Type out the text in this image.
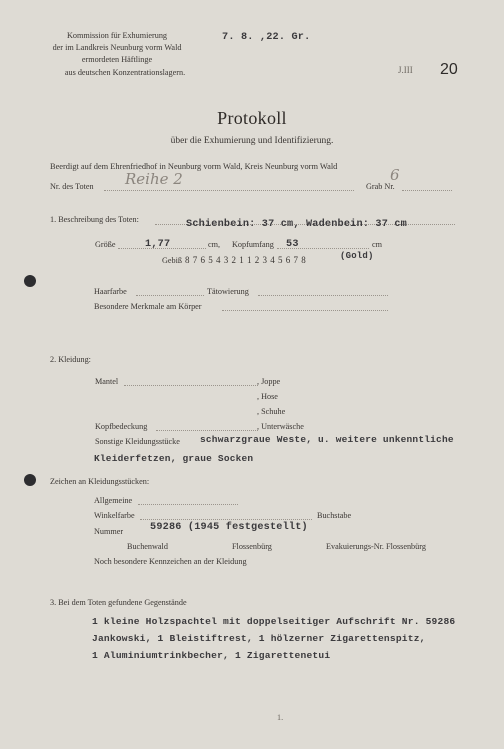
Kommission für Exhumierung
der im Landkreis Neunburg vorm Wald
ermordeten Häftlinge
aus deutschen Konzentrationslagern.
7. 8. ,22. Gr.
J.III 20
Protokoll
über die Exhumierung und Identifizierung.
Beerdigt auf dem Ehrenfriedhof in Neunburg vorm Wald, Kreis Neunburg vorm Wald
Nr. des Toten Reihe 2	Grab Nr.
6
1. Beschreibung des Toten:	Schienbein: 37 cm, Wadenbein: 37 cm
Größe	1,77	cm, Kopfumfang 53	cm
Gebiß 8 7 6 5 4 3 2 1 1 2 3 4 5 6 7 8	(Gold)
Haarfarbe	Tätowierung
Besondere Merkmale am Körper
2. Kleidung:
Mantel	, Joppe
, Hose
, Schuhe
Kopfbedeckung	, Unterwäsche
Sonstige Kleidungsstücke schwarzgraue Weste, u. weitere unkenntliche
Kleiderfetzen, graue Socken
Zeichen an Kleidungsstücken:
Allgemeine
Winkelfarbe	Buchstabe
Nummer	59286 (1945 festgestellt)
Buchenwald	Flossenbürg	Evakuierungs-Nr. Flossenbürg
Noch besondere Kennzeichen an der Kleidung
3. Bei dem Toten gefundene Gegenstände
1 kleine Holzspachtel mit doppelseitiger Aufschrift Nr. 59286
Jankowski, 1 Bleistiftrest, 1 hölzerner Zigarettenspitz,
1 Aluminiumtrinkbecher, 1 Zigarettenetui
1.
